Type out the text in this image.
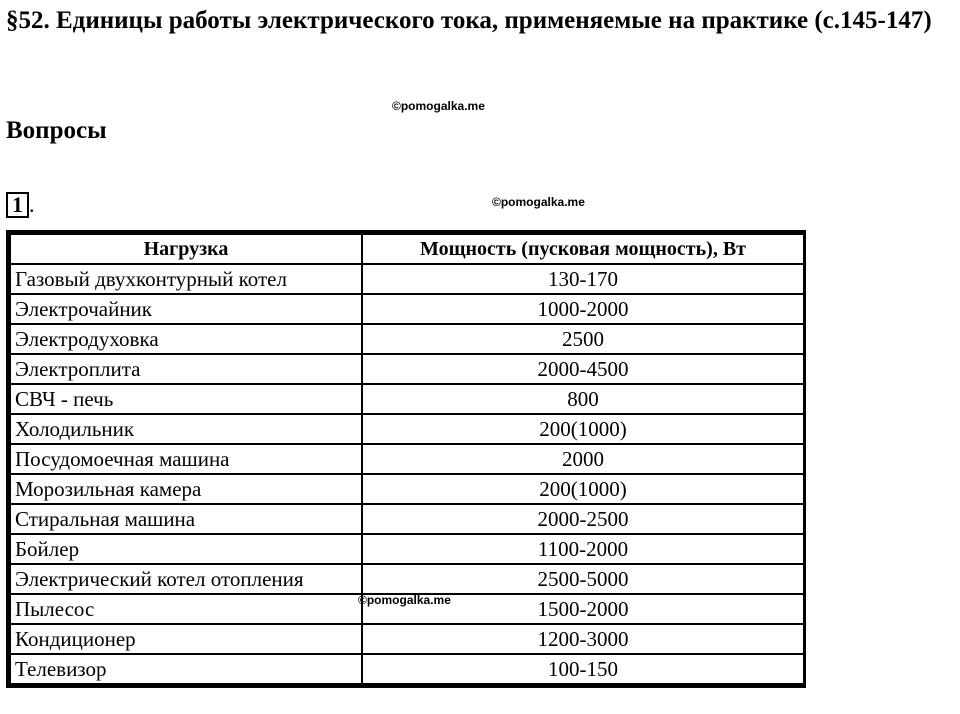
§52. Единицы работы электрического тока, применяемые на практике (с.145-147)
©pomogalka.me
Вопросы
1 .	©pomogalka.me
Нагрузка	Мощность (пусковая мощность), Вт
Газовый двухконтурный котел	130-170
Электрочайник	1000-2000
Электродуховка	2500
Электроплита	2000-4500
СВЧ - печь	800
Холодильник	200(1000)
Посудомоечная машина	2000
Морозильная камера	200(1000)
Стиральная машина	2000-2500
Бойлер	1100-2000
Электрический котел отопления	2500-5000
Пылесос	1500-2000
Кондиционер	1200-3000
Телевизор	100-150
©pomogalka.me
